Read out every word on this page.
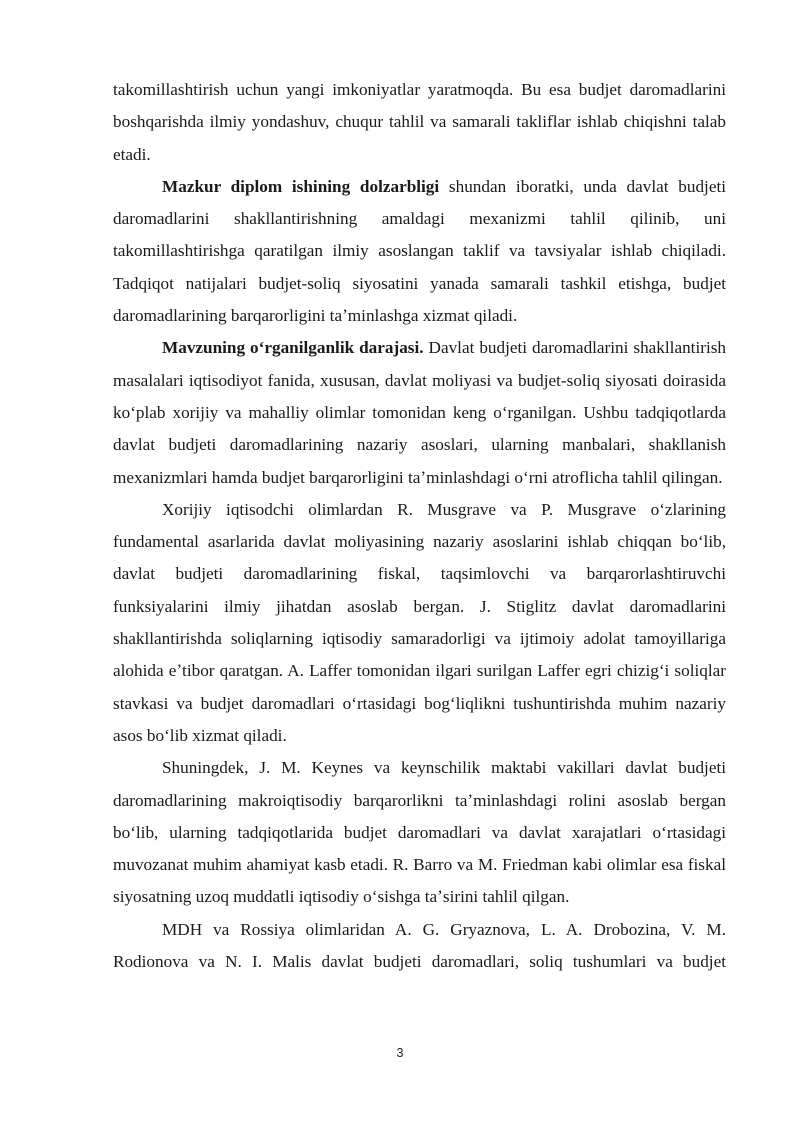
takomillashtirish uchun yangi imkoniyatlar yaratmoqda. Bu esa budjet daromadlarini boshqarishda ilmiy yondashuv, chuqur tahlil va samarali takliflar ishlab chiqishni talab etadi.

Mazkur diplom ishining dolzarbligi shundan iboratki, unda davlat budjeti daromadlarini shakllantirishning amaldagi mexanizmi tahlil qilinib, uni takomillashtirishga qaratilgan ilmiy asoslangan taklif va tavsiyalar ishlab chiqiladi. Tadqiqot natijalari budjet-soliq siyosatini yanada samarali tashkil etishga, budjet daromadlarining barqarorligini taʼminlashga xizmat qiladi.

Mavzuning oʻrganilganlik darajasi. Davlat budjeti daromadlarini shakllantirish masalalari iqtisodiyot fanida, xususan, davlat moliyasi va budjet-soliq siyosati doirasida koʻplab xorijiy va mahalliy olimlar tomonidan keng oʻrganilgan. Ushbu tadqiqotlarda davlat budjeti daromadlarining nazariy asoslari, ularning manbalari, shakllanish mexanizmlari hamda budjet barqarorligini taʼminlashdagi oʻrni atroflicha tahlil qilingan.

Xorijiy iqtisodchi olimlardan R. Musgrave va P. Musgrave oʻzlarining fundamental asarlarida davlat moliyasining nazariy asoslarini ishlab chiqqan boʻlib, davlat budjeti daromadlarining fiskal, taqsimlovchi va barqarorlashtiruvchi funksiyalarini ilmiy jihatdan asoslab bergan. J. Stiglitz davlat daromadlarini shakllantirishda soliqlarning iqtisodiy samaradorligi va ijtimoiy adolat tamoyillariga alohida eʼtibor qaratgan. A. Laffer tomonidan ilgari surilgan Laffer egri chizigʻi soliqlar stavkasi va budjet daromadlari oʻrtasidagi bogʻliqlikni tushuntirishda muhim nazariy asos boʻlib xizmat qiladi.

Shuningdek, J. M. Keynes va keynschilik maktabi vakillari davlat budjeti daromadlarining makroiqtisodiy barqarorlikni taʼminlashdagi rolini asoslab bergan boʻlib, ularning tadqiqotlarida budjet daromadlari va davlat xarajatlari oʻrtasidagi muvozanat muhim ahamiyat kasb etadi. R. Barro va M. Friedman kabi olimlar esa fiskal siyosatning uzoq muddatli iqtisodiy oʻsishga taʼsirini tahlil qilgan.

MDH va Rossiya olimlaridan A. G. Gryaznova, L. A. Drobozina, V. M. Rodionova va N. I. Malis davlat budjeti daromadlari, soliq tushumlari va budjet

3
